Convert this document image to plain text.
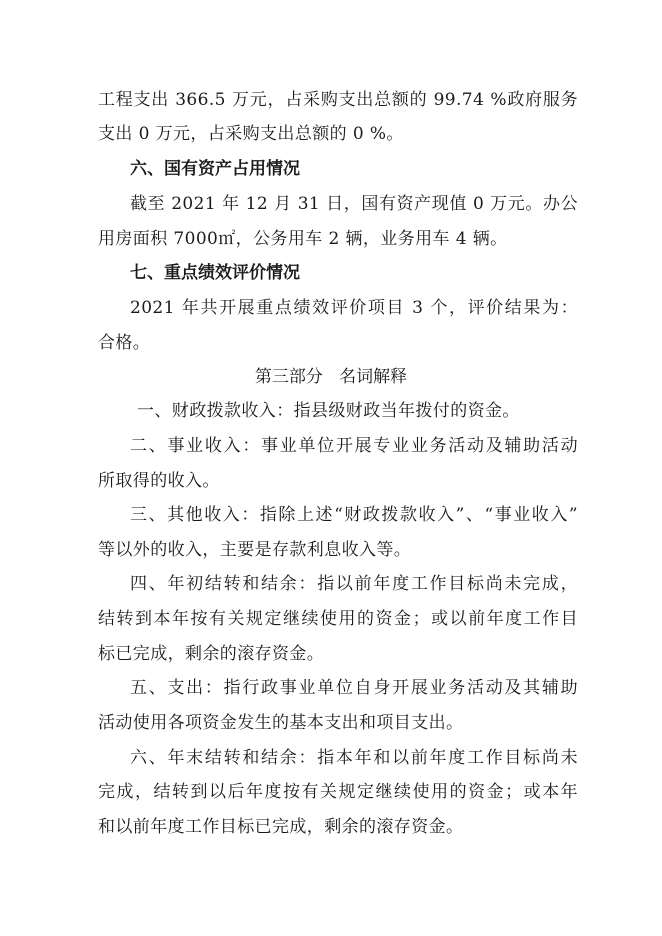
工程支出 366.5 万元，占采购支出总额的 99.74 %政府服务
支出 0 万元，占采购支出总额的 0 %。
六、国有资产占用情况
截至 2021 年 12 月 31 日，国有资产现值 0 万元。办公
用房面积 7000㎡，公务用车 2 辆，业务用车 4 辆。
七、重点绩效评价情况
2021 年共开展重点绩效评价项目 3 个，评价结果为：
合格。
第三部分   名词解释
一、财政拨款收入：指县级财政当年拨付的资金。
二、事业收入：事业单位开展专业业务活动及辅助活动
所取得的收入。
三、其他收入：指除上述“财政拨款收入”、“事业收入”
等以外的收入，主要是存款利息收入等。
四、年初结转和结余：指以前年度工作目标尚未完成，
结转到本年按有关规定继续使用的资金；或以前年度工作目
标已完成，剩余的滚存资金。
五、支出：指行政事业单位自身开展业务活动及其辅助
活动使用各项资金发生的基本支出和项目支出。
六、年末结转和结余：指本年和以前年度工作目标尚未
完成，结转到以后年度按有关规定继续使用的资金；或本年
和以前年度工作目标已完成，剩余的滚存资金。
